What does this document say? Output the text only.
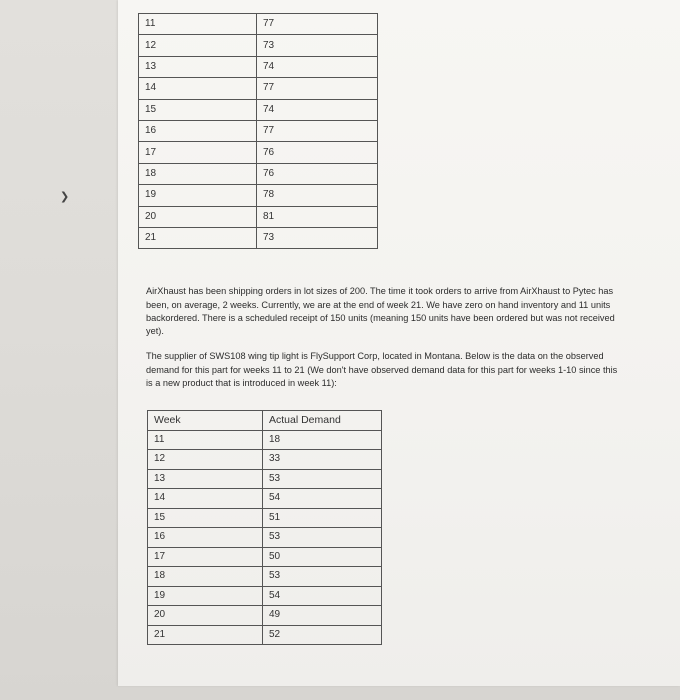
❯
11	77
12	73
13	74
14	77
15	74
16	77
17	76
18	76
19	78
20	81
21	73

AirXhaust has been shipping orders in lot sizes of 200. The time it took orders to arrive from AirXhaust to Pytec has been, on average, 2 weeks. Currently, we are at the end of week 21. We have zero on hand inventory and 11 units backordered. There is a scheduled receipt of 150 units (meaning 150 units have been ordered but was not received yet).

The supplier of SWS108 wing tip light is FlySupport Corp, located in Montana. Below is the data on the observed demand for this part for weeks 11 to 21 (We don't have observed demand data for this part for weeks 1-10 since this is a new product that is introduced in week 11):

Week	Actual Demand
11	18
12	33
13	53
14	54
15	51
16	53
17	50
18	53
19	54
20	49
21	52
